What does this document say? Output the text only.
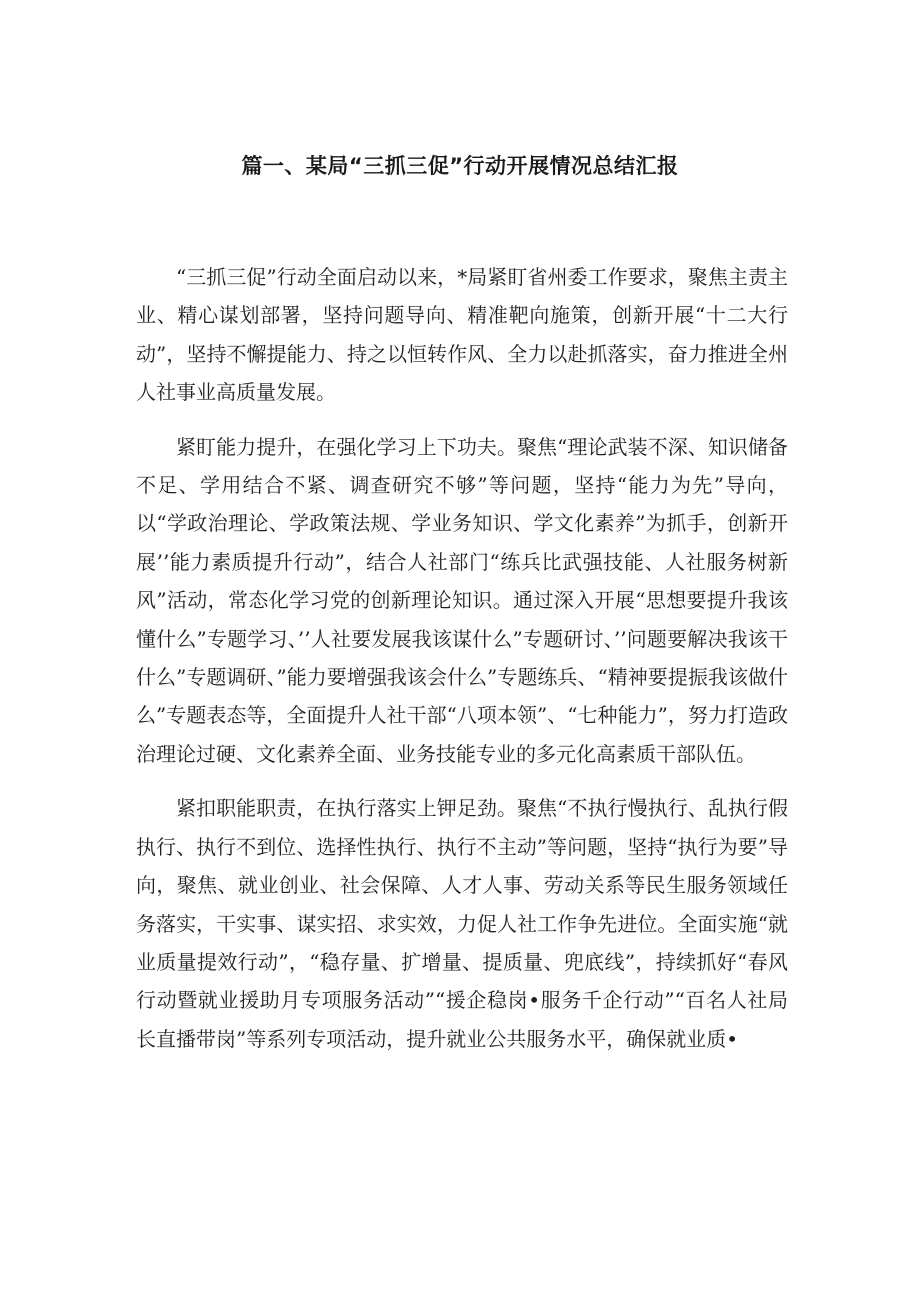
篇一、某局“三抓三促”行动开展情况总结汇报

“三抓三促”行动全面启动以来，*局紧盯省州委工作要求，聚焦主责主业、精心谋划部署，坚持问题导向、精准靶向施策，创新开展“十二大行动”，坚持不懈提能力、持之以恒转作风、全力以赴抓落实，奋力推进全州人社事业高质量发展。

紧盯能力提升，在强化学习上下功夫。聚焦“理论武装不深、知识储备不足、学用结合不紧、调查研究不够”等问题，坚持“能力为先”导向，以“学政治理论、学政策法规、学业务知识、学文化素养”为抓手，创新开展’’能力素质提升行动”，结合人社部门“练兵比武强技能、人社服务树新风”活动，常态化学习党的创新理论知识。通过深入开展“思想要提升我该懂什么”专题学习、’’人社要发展我该谋什么”专题研讨、’’问题要解决我该干什么”专题调研、”能力要增强我该会什么”专题练兵、“精神要提振我该做什么”专题表态等，全面提升人社干部“八项本领”、“七种能力”，努力打造政治理论过硬、文化素养全面、业务技能专业的多元化高素质干部队伍。

紧扣职能职责，在执行落实上钾足劲。聚焦“不执行慢执行、乱执行假执行、执行不到位、选择性执行、执行不主动”等问题，坚持“执行为要”导向，聚焦、就业创业、社会保障、人才人事、劳动关系等民生服务领域任务落实，干实事、谋实招、求实效，力促人社工作争先进位。全面实施“就业质量提效行动”，“稳存量、扩增量、提质量、兜底线”，持续抓好“春风行动暨就业援助月专项服务活动”“援企稳岗•服务千企行动”“百名人社局长直播带岗”等系列专项活动，提升就业公共服务水平，确保就业质•
